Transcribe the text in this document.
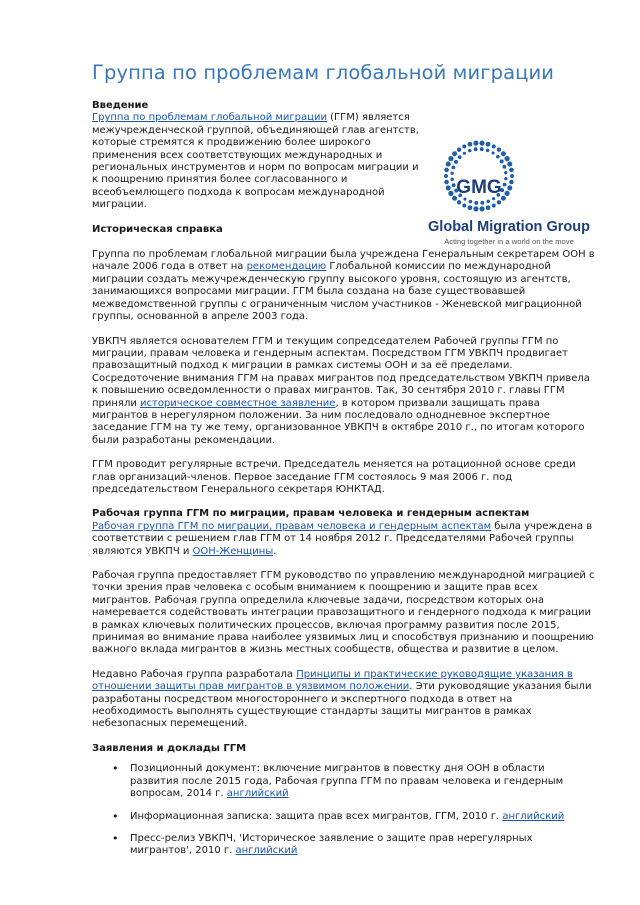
Группа по проблемам глобальной миграции
GMG
Global Migration Group
Acting together in a world on the move
Введение

Группа по проблемам глобальной миграции (ГГМ) является межучрежденческой группой, объединяющей глав агентств, которые стремятся к продвижению более широкого применения всех соответствующих международных и региональных инструментов и норм по вопросам миграции и к поощрению принятия более согласованного и всеобъемлющего подхода к вопросам международной миграции.

Историческая справка

Группа по проблемам глобальной миграции была учреждена Генеральным секретарем ООН в начале 2006 года в ответ на рекомендацию Глобальной комиссии по международной миграции создать межучрежденческую группу высокого уровня, состоящую из агентств, занимающихся вопросами миграции. ГГМ была создана на базе существовавшей межведомственной группы с ограниченным числом участников - Женевской миграционной группы, основанной в апреле 2003 года.

УВКПЧ является основателем ГГМ и текущим сопредседателем Рабочей группы ГГМ по миграции, правам человека и гендерным аспектам. Посредством ГГМ УВКПЧ продвигает правозащитный подход к миграции в рамках системы ООН и за её пределами. Сосредоточение внимания ГГМ на правах мигрантов под председательством УВКПЧ привела к повышению осведомленности о правах мигрантов. Так, 30 сентября 2010 г. главы ГГМ приняли историческое совместное заявление, в котором призвали защищать права мигрантов в нерегулярном положении. За ним последовало однодневное экспертное заседание ГГМ на ту же тему, организованное УВКПЧ в октябре 2010 г., по итогам которого были разработаны рекомендации.

ГГМ проводит регулярные встречи. Председатель меняется на ротационной основе среди глав организаций-членов. Первое заседание ГГМ состоялось 9 мая 2006 г. под председательством Генерального секретаря ЮНКТАД.

Рабочая группа ГГМ по миграции, правам человека и гендерным аспектам

Рабочая группа ГГМ по миграции, правам человека и гендерным аспектам была учреждена в соответствии с решением глав ГГМ от 14 ноября 2012 г. Председателями Рабочей группы являются УВКПЧ и ООН-Женщины.

Рабочая группа предоставляет ГГМ руководство по управлению международной миграцией с точки зрения прав человека с особым вниманием к поощрению и защите прав всех мигрантов. Рабочая группа определила ключевые задачи, посредством которых она намеревается содействовать интеграции правозащитного и гендерного подхода к миграции в рамках ключевых политических процессов, включая программу развития после 2015, принимая во внимание права наиболее уязвимых лиц и способствуя признанию и поощрению важного вклада мигрантов в жизнь местных сообществ, общества и развитие в целом.

Недавно Рабочая группа разработала Принципы и практические руководящие указания в отношении защиты прав мигрантов в уязвимом положении. Эти руководящие указания были разработаны посредством многостороннего и экспертного подхода в ответ на необходимость выполнять существующие стандарты защиты мигрантов в рамках небезопасных перемещений.

Заявления и доклады ГГМ
• Позиционный документ: включение мигрантов в повестку дня ООН в области развития после 2015 года, Рабочая группа ГГМ по правам человека и гендерным вопросам, 2014 г. английский
• Информационная записка: защита прав всех мигрантов, ГГМ, 2010 г. английский
• Пресс-релиз УВКПЧ, 'Историческое заявление о защите прав нерегулярных мигрантов', 2010 г. английский
